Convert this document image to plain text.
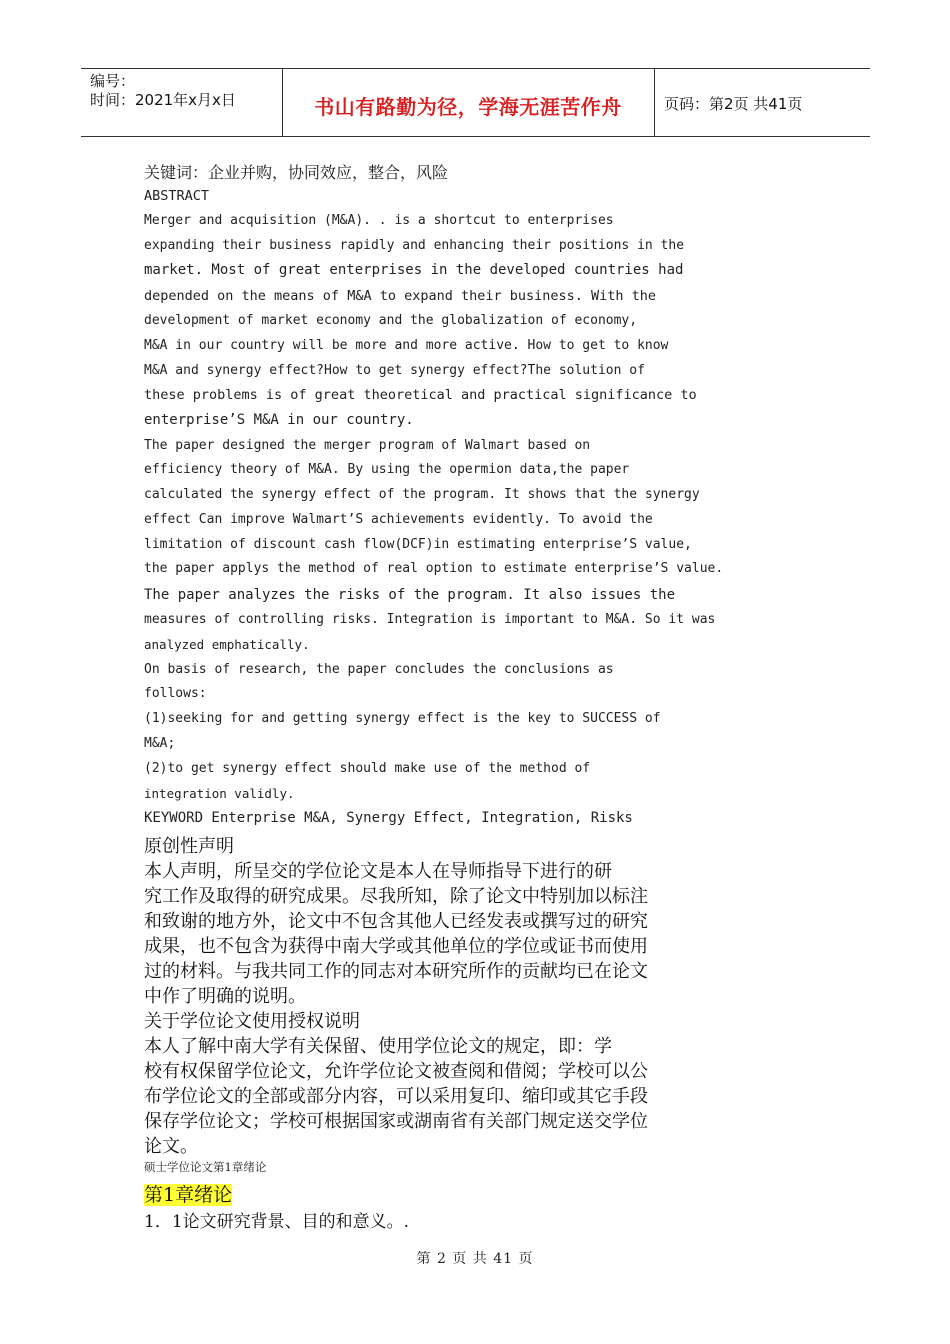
编号：
时间：2021年x月x日	书山有路勤为径，学海无涯苦作舟	页码：第2页 共41页
关键词：企业并购，协同效应，整合，风险
ABSTRACT
Merger and acquisition (M&A). . is a shortcut to enterprises
expanding their business rapidly and enhancing their positions in the
market. Most of great enterprises in the developed countries had
depended on the means of M&A to expand their business. With the
development of market economy and the globalization of economy,
M&A in our country will be more and more active. How to get to know
M&A and synergy effect?How to get synergy effect?The solution of
these problems is of great theoretical and practical significance to
enterprise’S M&A in our country.
The paper designed the merger program of Walmart based on
efficiency theory of M&A. By using the opermion data,the paper
calculated the synergy effect of the program. It shows that the synergy
effect Can improve Walmart’S achievements evidently. To avoid the
limitation of discount cash flow(DCF)in estimating enterprise’S value,
the paper applys the method of real option to estimate enterprise’S value.
The paper analyzes the risks of the program. It also issues the
measures of controlling risks. Integration is important to M&A. So it was
analyzed emphatically.
On basis of research, the paper concludes the conclusions as
follows:
(1)seeking for and getting synergy effect is the key to SUCCESS of
M&A;
(2)to get synergy effect should make use of the method of
integration validly.
KEYWORD Enterprise M&A, Synergy Effect, Integration, Risks
原创性声明
本人声明，所呈交的学位论文是本人在导师指导下进行的研
究工作及取得的研究成果。尽我所知，除了论文中特别加以标注
和致谢的地方外，论文中不包含其他人已经发表或撰写过的研究
成果，也不包含为获得中南大学或其他单位的学位或证书而使用
过的材料。与我共同工作的同志对本研究所作的贡献均已在论文
中作了明确的说明。
关于学位论文使用授权说明
本人了解中南大学有关保留、使用学位论文的规定，即：学
校有权保留学位论文，允许学位论文被查阅和借阅；学校可以公
布学位论文的全部或部分内容，可以采用复印、缩印或其它手段
保存学位论文；学校可根据国家或湖南省有关部门规定送交学位
论文。
硕士学位论文第1章绪论
第1章绪论
1．1论文研究背景、目的和意义。.
第 2 页 共 41 页
